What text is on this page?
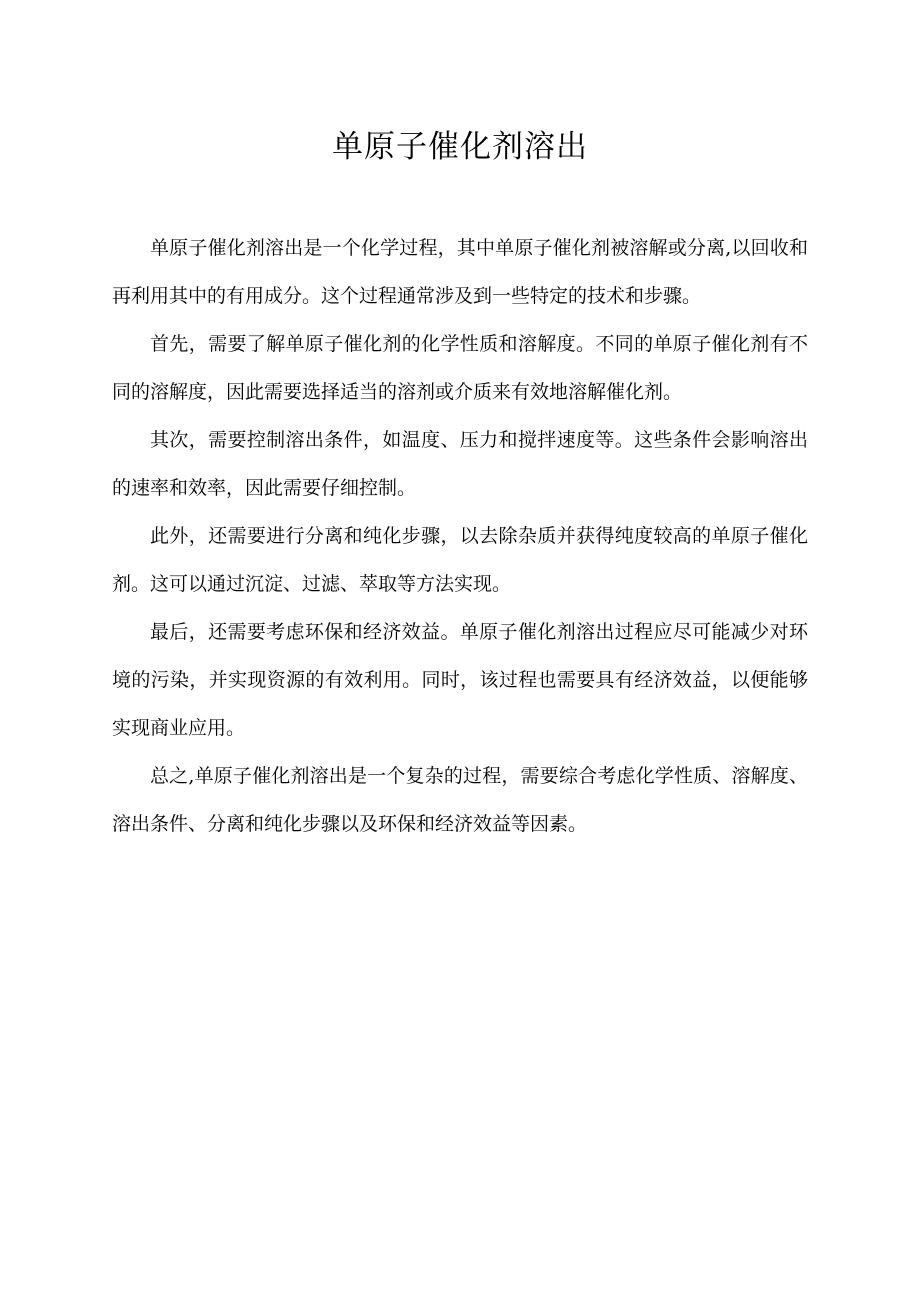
单原子催化剂溶出

单原子催化剂溶出是一个化学过程，其中单原子催化剂被溶解或分离,以回收和再利用其中的有用成分。这个过程通常涉及到一些特定的技术和步骤。

首先，需要了解单原子催化剂的化学性质和溶解度。不同的单原子催化剂有不同的溶解度，因此需要选择适当的溶剂或介质来有效地溶解催化剂。

其次，需要控制溶出条件，如温度、压力和搅拌速度等。这些条件会影响溶出的速率和效率，因此需要仔细控制。

此外，还需要进行分离和纯化步骤，以去除杂质并获得纯度较高的单原子催化剂。这可以通过沉淀、过滤、萃取等方法实现。

最后，还需要考虑环保和经济效益。单原子催化剂溶出过程应尽可能减少对环境的污染，并实现资源的有效利用。同时，该过程也需要具有经济效益，以便能够实现商业应用。

总之,单原子催化剂溶出是一个复杂的过程，需要综合考虑化学性质、溶解度、溶出条件、分离和纯化步骤以及环保和经济效益等因素。
